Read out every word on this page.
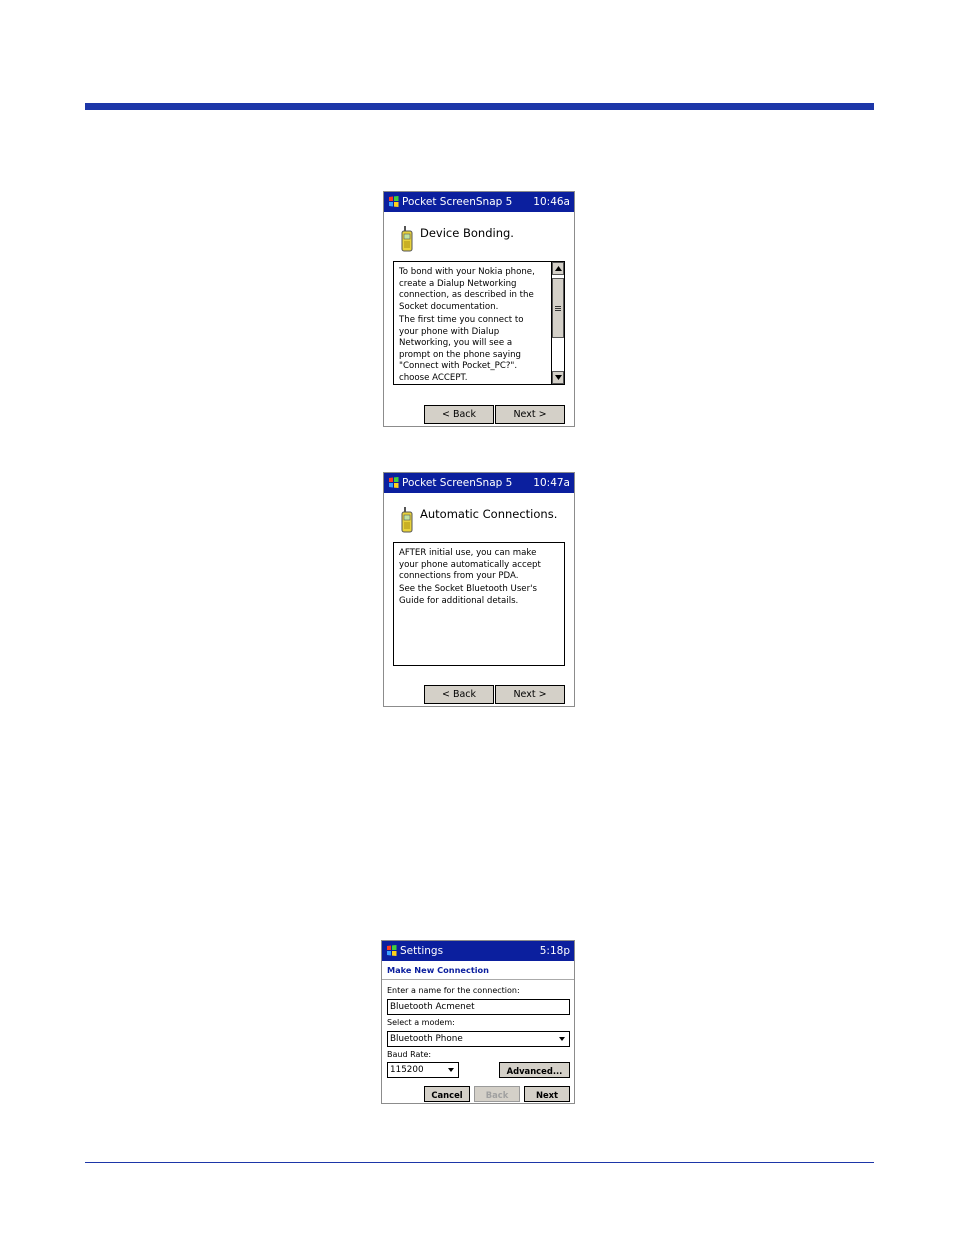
Pocket ScreenSnap 5 10:46a
Device Bonding.
To bond with your Nokia phone,
create a Dialup Networking
connection, as described in the
Socket documentation.
The first time you connect to
your phone with Dialup
Networking, you will see a
prompt on the phone saying
"Connect with Pocket_PC?".
choose ACCEPT.
< Back	Next >
Pocket ScreenSnap 5 10:47a
Automatic Connections.
AFTER initial use, you can make
your phone automatically accept
connections from your PDA.
See the Socket Bluetooth User's
Guide for additional details.
< Back	Next >
Settings	5:18p
Make New Connection
Enter a name for the connection:
Bluetooth Acmenet
Select a modem:
Bluetooth Phone
Baud Rate:
115200	Advanced...
Cancel	Back	Next
